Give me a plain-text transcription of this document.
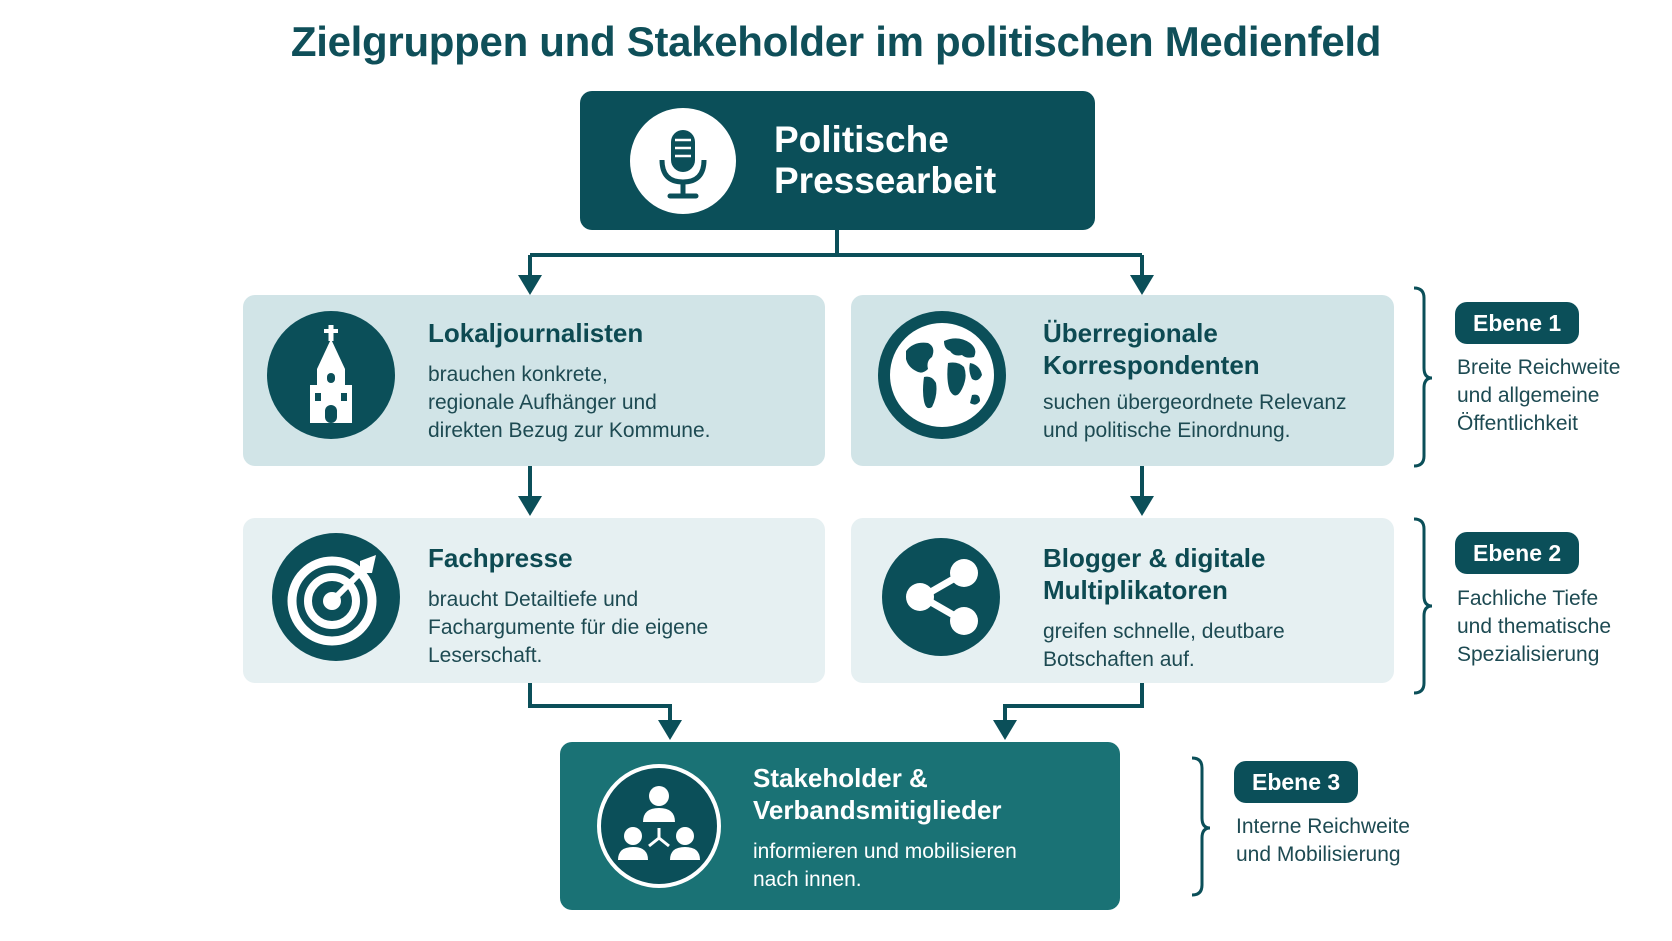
Zielgruppen und Stakeholder im politischen Medienfeld
Politische
Pressearbeit
Lokaljournalisten
brauchen konkrete,
regionale Aufhänger und
direkten Bezug zur Kommune.
Überregionale
Korrespondenten
suchen übergeordnete Relevanz
und politische Einordnung.
Fachpresse
braucht Detailtiefe und
Fachargumente für die eigene
Leserschaft.
Blogger & digitale
Multiplikatoren
greifen schnelle, deutbare
Botschaften auf.
Stakeholder &
Verbandsmitiglieder
informieren und mobilisieren
nach innen.
Ebene 1
Breite Reichweite
und allgemeine
Öffentlichkeit
Ebene 2
Fachliche Tiefe
und thematische
Spezialisierung
Ebene 3
Interne Reichweite
und Mobilisierung
